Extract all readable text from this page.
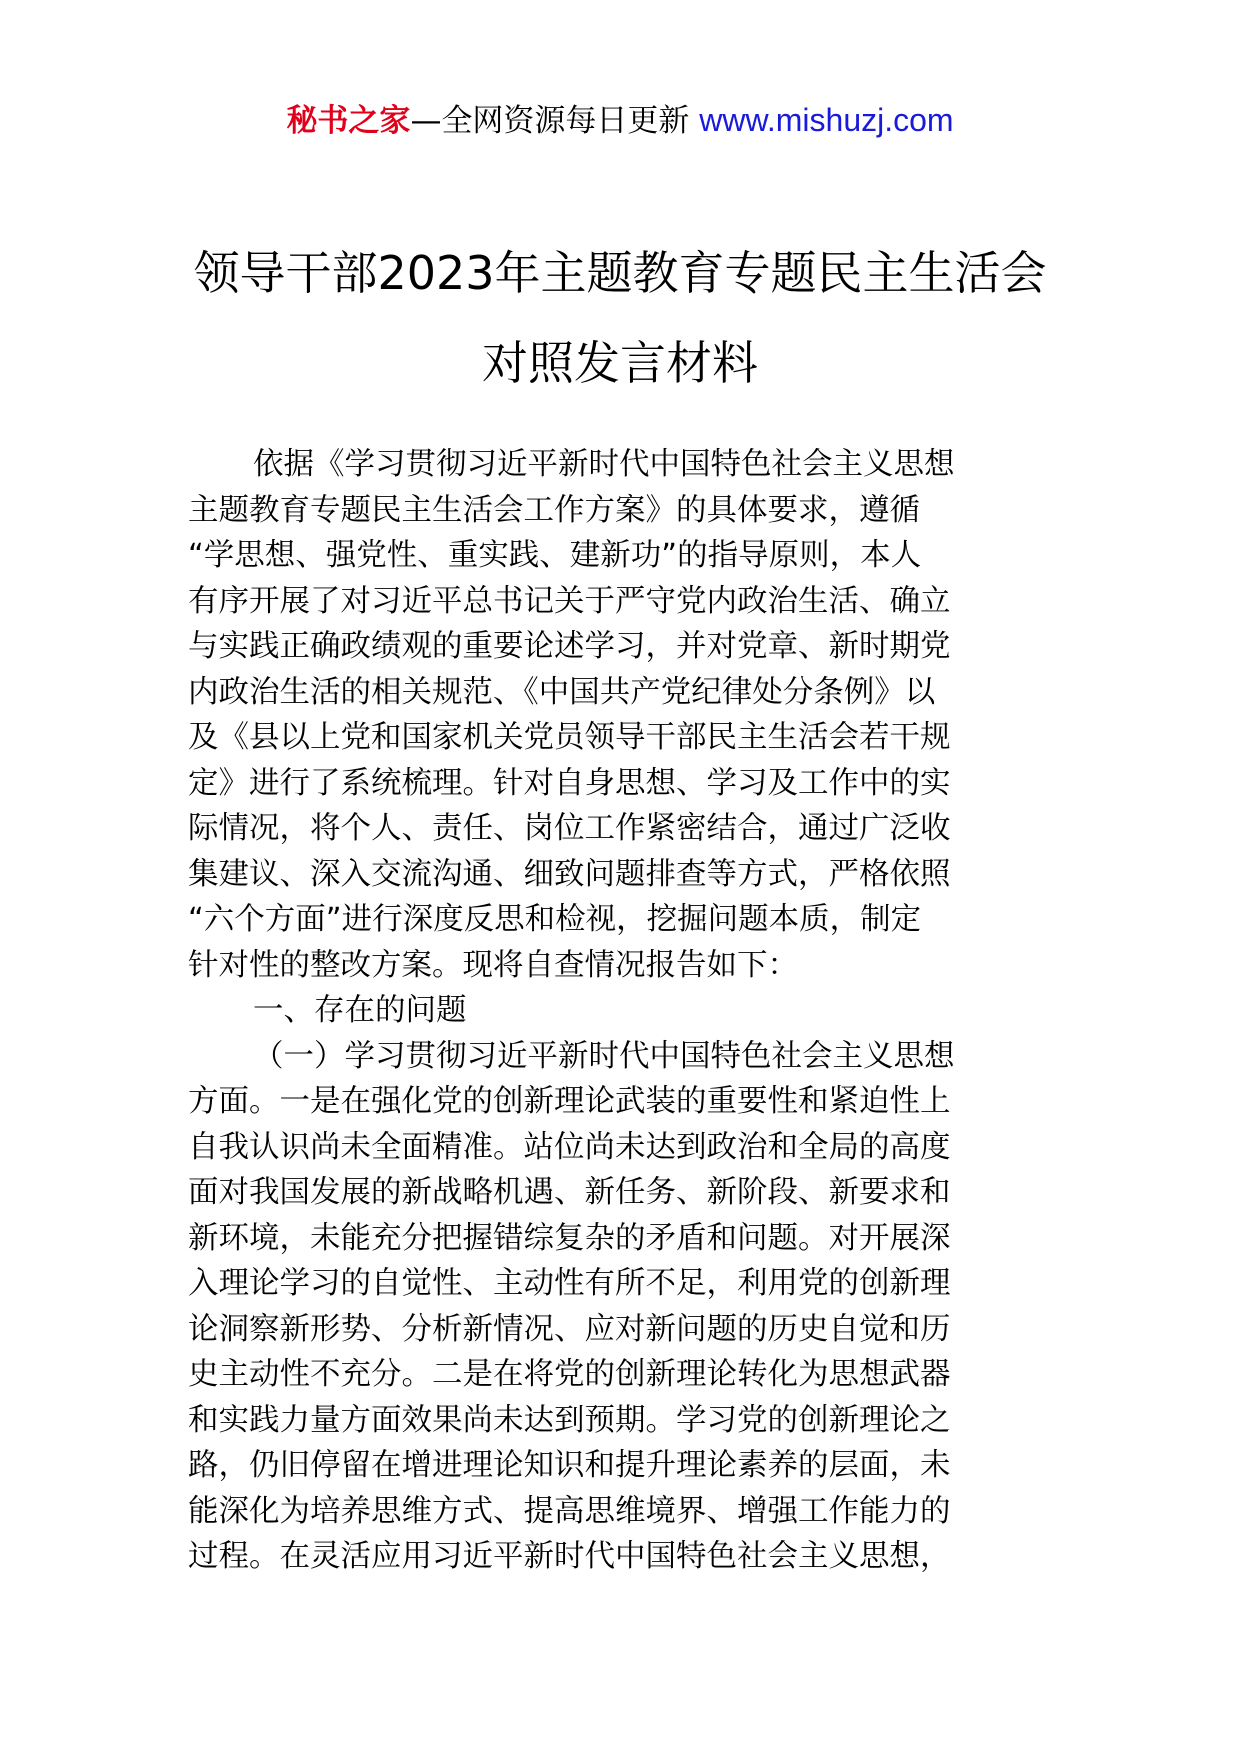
秘书之家—全网资源每日更新 www.mishuzj.com
领导干部2023年主题教育专题民主生活会
对照发言材料

依据《学习贯彻习近平新时代中国特色社会主义思想
主题教育专题民主生活会工作方案》的具体要求，遵循
“学思想、强党性、重实践、建新功”的指导原则，本人
有序开展了对习近平总书记关于严守党内政治生活、确立
与实践正确政绩观的重要论述学习，并对党章、新时期党
内政治生活的相关规范、《中国共产党纪律处分条例》以
及《县以上党和国家机关党员领导干部民主生活会若干规
定》进行了系统梳理。针对自身思想、学习及工作中的实
际情况，将个人、责任、岗位工作紧密结合，通过广泛收
集建议、深入交流沟通、细致问题排查等方式，严格依照
“六个方面”进行深度反思和检视，挖掘问题本质，制定
针对性的整改方案。现将自查情况报告如下：

一、存在的问题

（一）学习贯彻习近平新时代中国特色社会主义思想
方面。一是在强化党的创新理论武装的重要性和紧迫性上
自我认识尚未全面精准。站位尚未达到政治和全局的高度
面对我国发展的新战略机遇、新任务、新阶段、新要求和
新环境，未能充分把握错综复杂的矛盾和问题。对开展深
入理论学习的自觉性、主动性有所不足，利用党的创新理
论洞察新形势、分析新情况、应对新问题的历史自觉和历
史主动性不充分。二是在将党的创新理论转化为思想武器
和实践力量方面效果尚未达到预期。学习党的创新理论之
路，仍旧停留在增进理论知识和提升理论素养的层面，未
能深化为培养思维方式、提高思维境界、增强工作能力的
过程。在灵活应用习近平新时代中国特色社会主义思想，
